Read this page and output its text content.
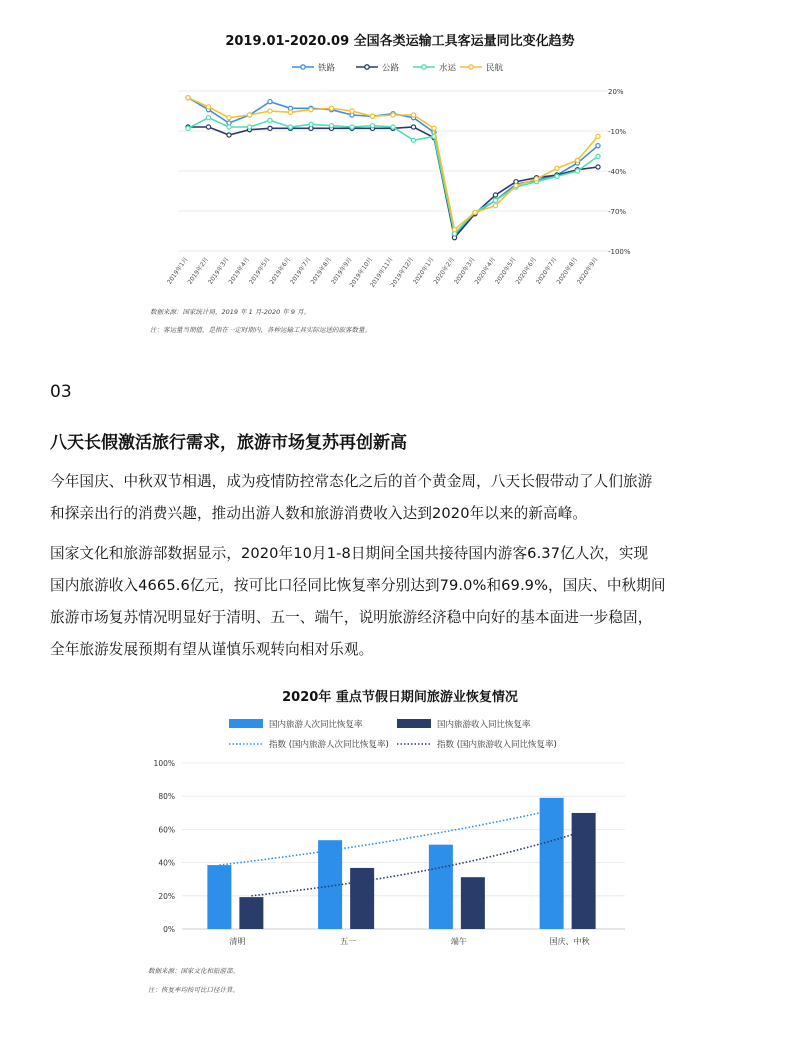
2019.01-2020.09 全国各类运输工具客运量同比变化趋势
铁路	公路	水运	民航
20%
-10%
-40%
-70%
-100%
2019年1月
2019年2月
2019年3月
2019年4月
2019年5月
2019年6月
2019年7月
2019年8月
2019年9月
2019年10月
2019年11月
2019年12月
2020年1月
2020年2月
2020年3月
2020年4月
2020年5月
2020年6月
2020年7月
2020年8月
2020年9月
数据来源：国家统计局，2019 年 1 月-2020 年 9 月。
注：客运量当期值，是指在一定时期内，各种运输工具实际运送的旅客数量。
03
八天长假激活旅行需求，旅游市场复苏再创新高
今年国庆、中秋双节相遇，成为疫情防控常态化之后的首个黄金周，八天长假带动了人们旅游
和探亲出行的消费兴趣，推动出游人数和旅游消费收入达到2020年以来的新高峰。
国家文化和旅游部数据显示，2020年10月1-8日期间全国共接待国内游客6.37亿人次，实现
国内旅游收入4665.6亿元，按可比口径同比恢复率分别达到79.0%和69.9%，国庆、中秋期间
旅游市场复苏情况明显好于清明、五一、端午，说明旅游经济稳中向好的基本面进一步稳固，
全年旅游发展预期有望从谨慎乐观转向相对乐观。
2020年 重点节假日期间旅游业恢复情况
国内旅游人次同比恢复率	国内旅游收入同比恢复率
指数 (国内旅游人次同比恢复率)	指数 (国内旅游收入同比恢复率)
100%
80%
60%
40%
20%
0%
清明	五一	端午	国庆、中秋
数据来源：国家文化和旅游部。
注：恢复率均按可比口径计算。
